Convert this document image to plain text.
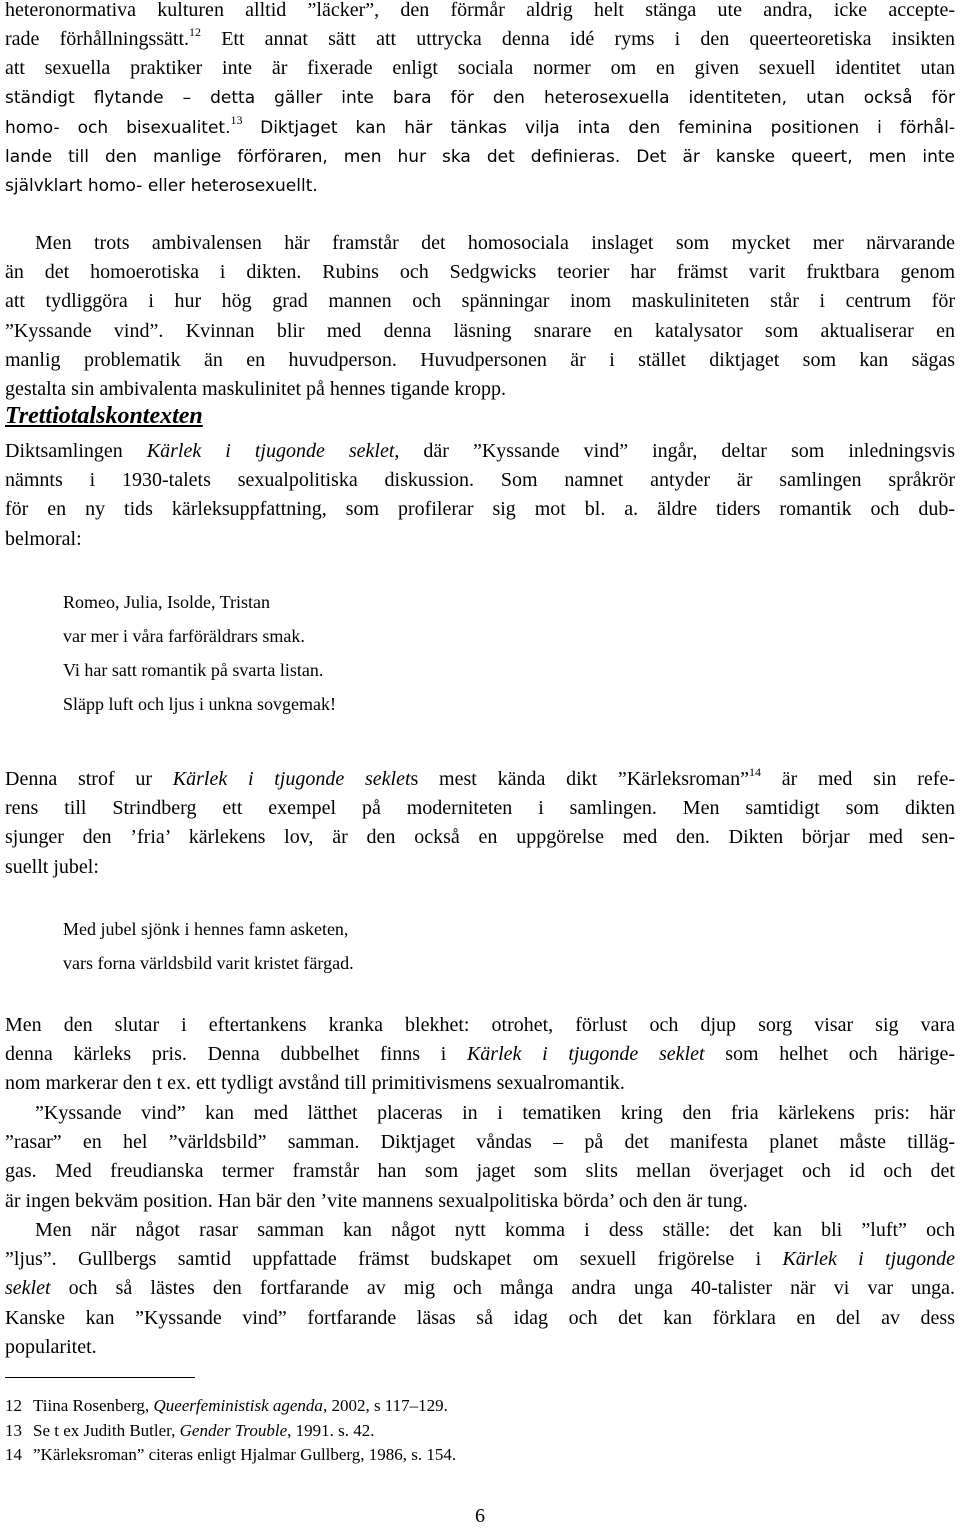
heteronormativa kulturen alltid ”läcker”, den förmår aldrig helt stänga ute andra, icke accepte-
rade förhållningssätt.$^{12}$ Ett annat sätt att uttrycka denna idé ryms i den queerteoretiska insikten
att sexuella praktiker inte är fixerade enligt sociala normer om en given sexuell identitet utan
ständigt flytande – detta gäller inte bara för den heterosexuella identiteten, utan också för
homo- och bisexualitet.$^{13}$ Diktjaget kan här tänkas vilja inta den feminina positionen i förhål-
lande till den manlige förföraren, men hur ska det definieras. Det är kanske queert, men inte
självklart homo- eller heterosexuellt.
Men trots ambivalensen här framstår det homosociala inslaget som mycket mer närvarande
än det homoerotiska i dikten. Rubins och Sedgwicks teorier har främst varit fruktbara genom
att tydliggöra i hur hög grad mannen och spänningar inom maskuliniteten står i centrum för
”Kyssande vind”. Kvinnan blir med denna läsning snarare en katalysator som aktualiserar en
manlig problematik än en huvudperson. Huvudpersonen är i stället diktjaget som kan sägas
gestalta sin ambivalenta maskulinitet på hennes tigande kropp.
Trettiotalskontexten
Diktsamlingen Kärlek i tjugonde seklet, där ”Kyssande vind” ingår, deltar som inledningsvis
nämnts i 1930-talets sexualpolitiska diskussion. Som namnet antyder är samlingen språkrör
för en ny tids kärleksuppfattning, som profilerar sig mot bl. a. äldre tiders romantik och dub-
belmoral:
Romeo, Julia, Isolde, Tristan
var mer i våra farföräldrars smak.
Vi har satt romantik på svarta listan.
Släpp luft och ljus i unkna sovgemak!
Denna strof ur Kärlek i tjugonde seklets mest kända dikt ”Kärleksroman”$^{14}$ är med sin refe-
rens till Strindberg ett exempel på moderniteten i samlingen. Men samtidigt som dikten
sjunger den ’fria’ kärlekens lov, är den också en uppgörelse med den. Dikten börjar med sen-
suellt jubel:
Med jubel sjönk i hennes famn asketen,
vars forna världsbild varit kristet färgad.
Men den slutar i eftertankens kranka blekhet: otrohet, förlust och djup sorg visar sig vara
denna kärleks pris. Denna dubbelhet finns i Kärlek i tjugonde seklet som helhet och härige-
nom markerar den t ex. ett tydligt avstånd till primitivismens sexualromantik.
”Kyssande vind” kan med lätthet placeras in i tematiken kring den fria kärlekens pris: här
”rasar” en hel ”världsbild” samman. Diktjaget våndas – på det manifesta planet måste tilläg-
gas. Med freudianska termer framstår han som jaget som slits mellan överjaget och id och det
är ingen bekväm position. Han bär den ’vite mannens sexualpolitiska börda’ och den är tung.
Men när något rasar samman kan något nytt komma i dess ställe: det kan bli ”luft” och
”ljus”. Gullbergs samtid uppfattade främst budskapet om sexuell frigörelse i Kärlek i tjugonde
seklet och så lästes den fortfarande av mig och många andra unga 40-talister när vi var unga.
Kanske kan ”Kyssande vind” fortfarande läsas så idag och det kan förklara en del av dess
popularitet.
12 Tiina Rosenberg, Queerfeministisk agenda, 2002, s 117–129.
13 Se t ex Judith Butler, Gender Trouble, 1991. s. 42.
14 ”Kärleksroman” citeras enligt Hjalmar Gullberg, 1986, s. 154.
6
